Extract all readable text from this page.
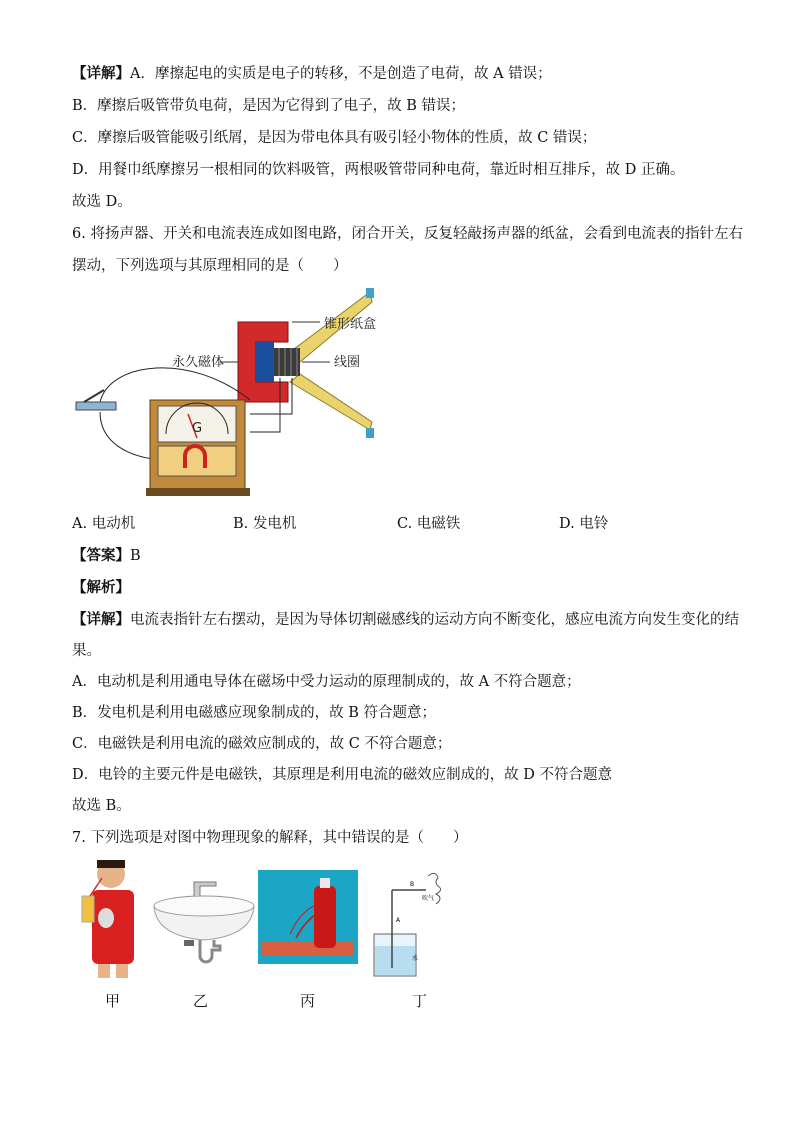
【详解】A．摩擦起电的实质是电子的转移，不是创造了电荷，故 A 错误；
B．摩擦后吸管带负电荷，是因为它得到了电子，故 B 错误；
C．摩擦后吸管能吸引纸屑，是因为带电体具有吸引轻小物体的性质，故 C 错误；
D．用餐巾纸摩擦另一根相同的饮料吸管，两根吸管带同种电荷，靠近时相互排斥，故 D 正确。
故选 D。
6. 将扬声器、开关和电流表连成如图电路，闭合开关，反复轻敲扬声器的纸盆，会看到电流表的指针左右
摆动，下列选项与其原理相同的是（　　）
锥形纸盒
线圈
永久磁体
G
A. 电动机	B. 发电机	C. 电磁铁	D. 电铃
【答案】B
【解析】
【详解】电流表指针左右摆动，是因为导体切割磁感线的运动方向不断变化，感应电流方向发生变化的结
果。
A．电动机是利用通电导体在磁场中受力运动的原理制成的，故 A 不符合题意；
B．发电机是利用电磁感应现象制成的，故 B 符合题意；
C．电磁铁是利用电流的磁效应制成的，故 C 不符合题意；
D．电铃的主要元件是电磁铁，其原理是利用电流的磁效应制成的，故 D 不符合题意
故选 B。
7. 下列选项是对图中物理现象的解释，其中错误的是（　　）
A
B
吹气
水
甲	乙	丙	丁
